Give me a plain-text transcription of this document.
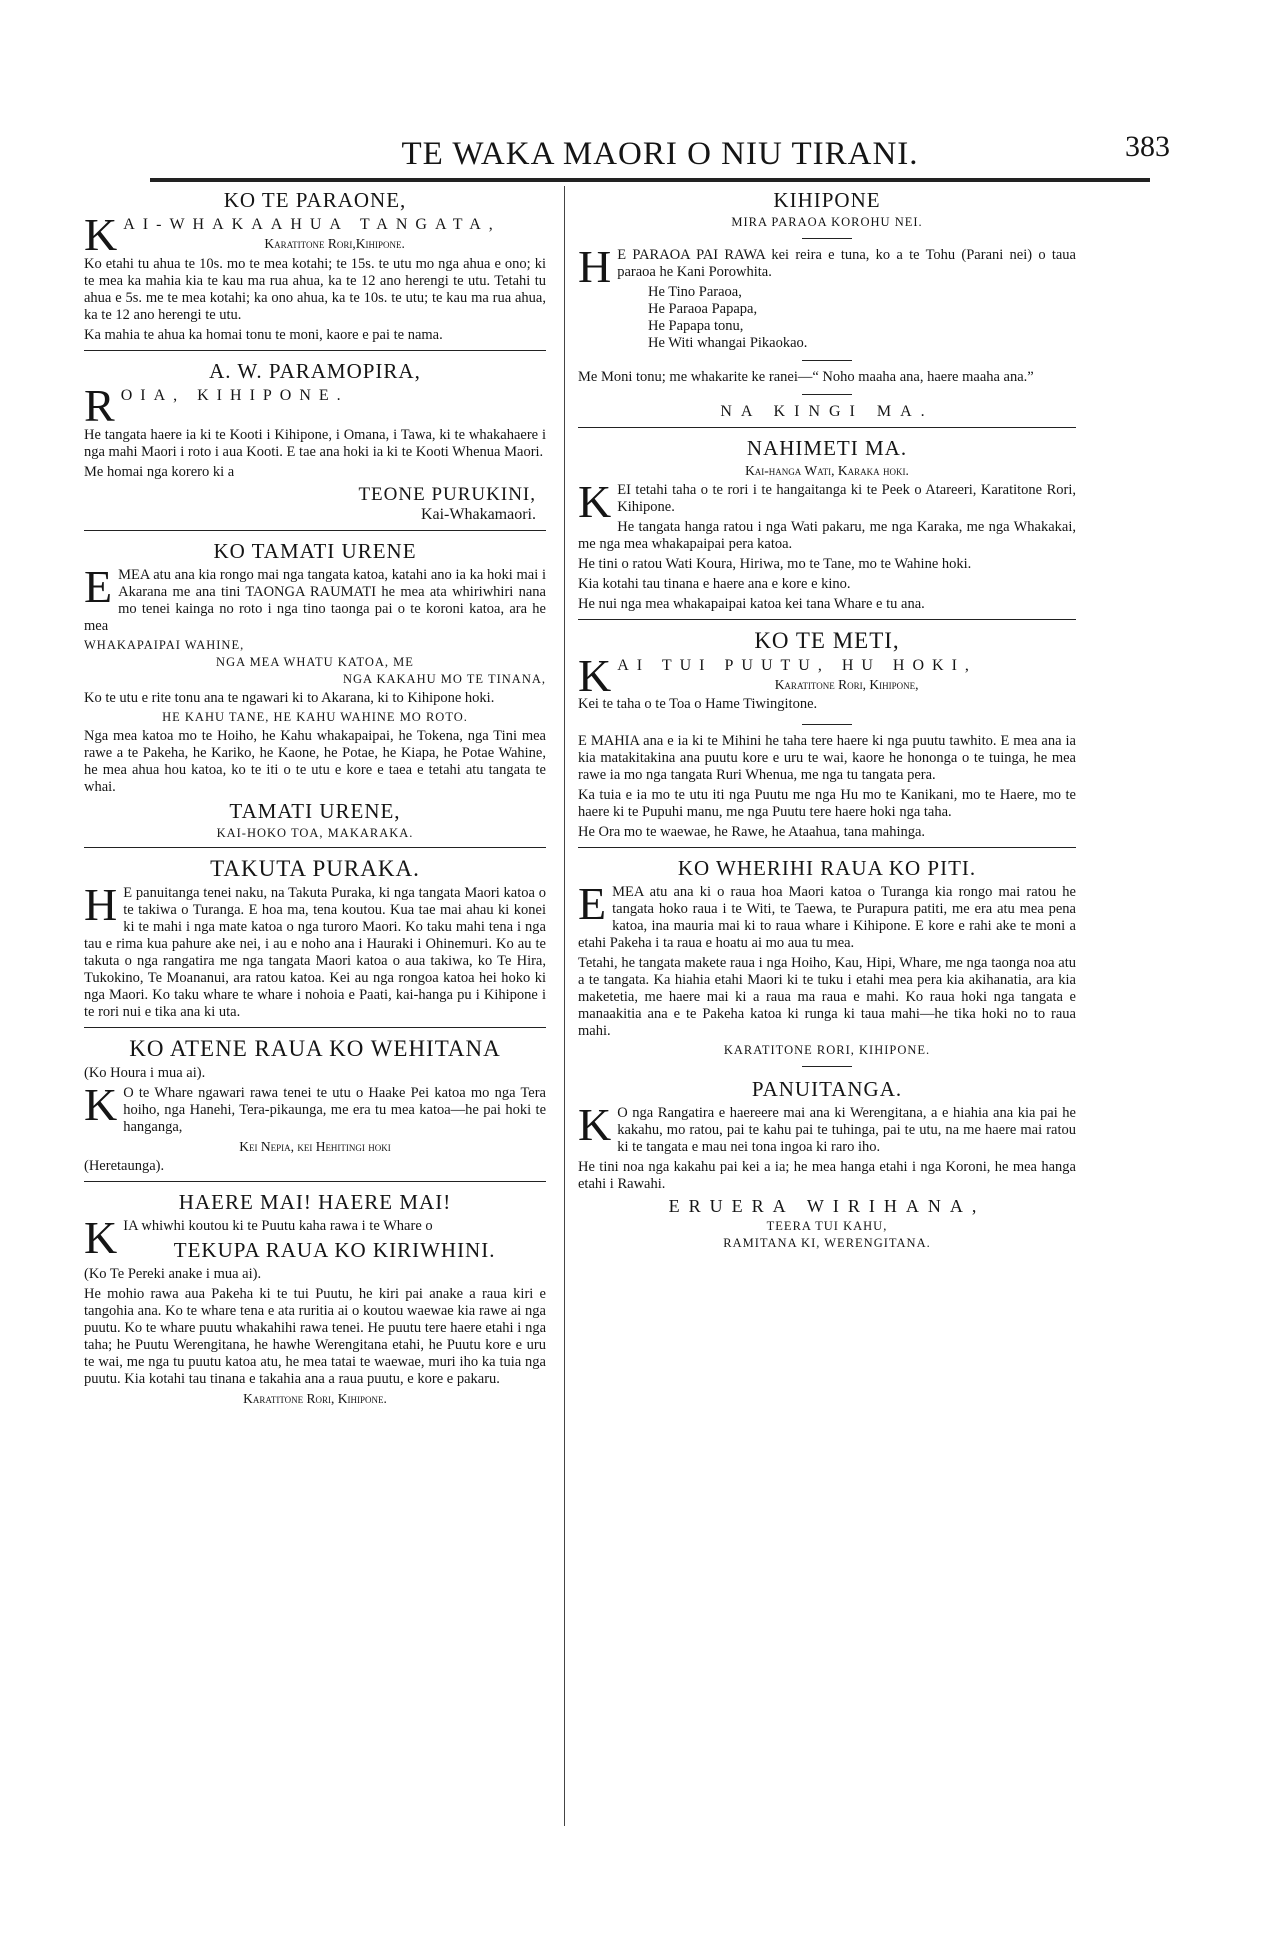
TE WAKA MAORI O NIU TIRANI.	383
KO TE PARAONE,
K AI-WHAKAAHUA TANGATA,
Karatitone Rori,Kihipone.

Ko etahi tu ahua te 10s. mo te mea kotahi; te 15s. te utu mo nga ahua e ono; ki te mea ka mahia kia te kau ma rua ahua, ka te 12 ano herengi te utu. Tetahi tu ahua e 5s. me te mea kotahi; ka ono ahua, ka te 10s. te utu; te kau ma rua ahua, ka te 12 ano herengi te utu.

Ka mahia te ahua ka homai tonu te moni, kaore e pai te nama.

A. W. PARAMOPIRA,
R OIA, KIHIPONE.

He tangata haere ia ki te Kooti i Kihipone, i Omana, i Tawa, ki te whakahaere i nga mahi Maori i roto i aua Kooti. E tae ana hoki ia ki te Kooti Whenua Maori.

Me homai nga korero ki a

TEONE PURUKINI,
Kai-Whakamaori.
KO TAMATI URENE

EMEA atu ana kia rongo mai nga tangata katoa, katahi ano ia ka hoki mai i Akarana me ana tini TAONGA RAUMATI he mea ata whiriwhiri nana mo tenei kainga no roto i nga tino taonga pai o te koroni katoa, ara he mea

WHAKAPAIPAI WAHINE,
NGA MEA WHATU KATOA, ME
NGA KAKAHU MO TE TINANA,

Ko te utu e rite tonu ana te ngawari ki to Akarana, ki to Kihipone hoki.

HE KAHU TANE, HE KAHU WAHINE MO ROTO.

Nga mea katoa mo te Hoiho, he Kahu whakapaipai, he Tokena, nga Tini mea rawe a te Pakeha, he Kariko, he Kaone, he Potae, he Kiapa, he Potae Wahine, he mea ahua hou katoa, ko te iti o te utu e kore e taea e tetahi atu tangata te whai.

TAMATI URENE,
KAI-HOKO TOA, MAKARAKA.
TAKUTA PURAKA.

H E panuitanga tenei naku, na Takuta Puraka, ki nga tangata Maori katoa o te takiwa o Turanga. E hoa ma, tena koutou. Kua tae mai ahau ki konei ki te mahi i nga mate katoa o nga turoro Maori. Ko taku mahi tena i nga tau e rima kua pahure ake nei, i au e noho ana i Hauraki i Ohinemuri. Ko au te takuta o nga rangatira me nga tangata Maori katoa o aua takiwa, ko Te Hira, Tukokino, Te Moananui, ara ratou katoa. Kei au nga rongoa katoa hei hoko ki nga Maori. Ko taku whare te whare i nohoia e Paati, kai-hanga pu i Kihipone i te rori nui e tika ana ki uta.

KO ATENE RAUA KO WEHITANA
(Ko Houra i mua ai).

K O te Whare ngawari rawa tenei te utu o Haake Pei katoa mo nga Tera hoiho, nga Hanehi, Tera-pikaunga, me era tu mea katoa—he pai hoki te hanganga,

Kei Nepia, kei Hehitingi hoki
(Heretaunga).
HAERE MAI! HAERE MAI!

KIA whiwhi koutou ki te Puutu kaha rawa i te Whare o

TEKUPA RAUA KO KIRIWHINI.
(Ko Te Pereki anake i mua ai).

He mohio rawa aua Pakeha ki te tui Puutu, he kiri pai anake a raua kiri e tangohia ana. Ko te whare tena e ata ruritia ai o koutou waewae kia rawe ai nga puutu. Ko te whare puutu whakahihi rawa tenei. He puutu tere haere etahi i nga taha; he Puutu Werengitana, he hawhe Werengitana etahi, he Puutu kore e uru te wai, me nga tu puutu katoa atu, he mea tatai te waewae, muri iho ka tuia nga puutu. Kia kotahi tau tinana e takahia ana a raua puutu, e kore e pakaru.

Karatitone Rori, Kihipone.
KIHIPONE
MIRA PARAOA KOROHU NEI.

H E PARAOA PAI RAWA kei reira e tuna, ko a te Tohu (Parani nei) o taua paraoa he Kani Porowhita.

He Tino Paraoa,
He Paraoa Papapa,
He Papapa tonu,
He Witi whangai Pikaokao.

Me Moni tonu; me whakarite ke ranei—“ Noho maaha ana, haere maaha ana.”

NA KINGI MA.
NAHIMETI MA.
Kai-hanga Wati, Karaka hoki.

KEI tetahi taha o te rori i te hangaitanga ki te Peek o Atareeri, Karatitone Rori, Kihipone.

He tangata hanga ratou i nga Wati pakaru, me nga Karaka, me nga Whakakai, me nga mea whakapaipai pera katoa.

He tini o ratou Wati Koura, Hiriwa, mo te Tane, mo te Wahine hoki.

Kia kotahi tau tinana e haere ana e kore e kino.

He nui nga mea whakapaipai katoa kei tana Whare e tu ana.

KO TE METI,
K AI TUI PUUTU, HU HOKI,
Karatitone Rori, Kihipone,
Kei te taha o te Toa o Hame Tiwingitone.

E MAHIA ana e ia ki te Mihini he taha tere haere ki nga puutu tawhito. E mea ana ia kia matakitakina ana puutu kore e uru te wai, kaore he hononga o te tuinga, he mea rawe ia mo nga tangata Ruri Whenua, me nga tu tangata pera.

Ka tuia e ia mo te utu iti nga Puutu me nga Hu mo te Kanikani, mo te Haere, mo te haere ki te Pupuhi manu, me nga Puutu tere haere hoki nga taha.

He Ora mo te waewae, he Rawe, he Ataahua, tana mahinga.

KO WHERIHI RAUA KO PITI.

EMEA atu ana ki o raua hoa Maori katoa o Turanga kia rongo mai ratou he tangata hoko raua i te Witi, te Taewa, te Purapura patiti, me era atu mea pena katoa, ina mauria mai ki to raua whare i Kihipone. E kore e rahi ake te moni a etahi Pakeha i ta raua e hoatu ai mo aua tu mea.

Tetahi, he tangata makete raua i nga Hoiho, Kau, Hipi, Whare, me nga taonga noa atu a te tangata. Ka hiahia etahi Maori ki te tuku i etahi mea pera kia akihanatia, ara kia maketetia, me haere mai ki a raua ma raua e mahi. Ko raua hoki nga tangata e manaakitia ana e te Pakeha katoa ki runga ki taua mahi—he tika hoki no to raua mahi.

KARATITONE RORI, KIHIPONE.
PANUITANGA.

K O nga Rangatira e haereere mai ana ki Werengitana, a e hiahia ana kia pai he kakahu, mo ratou, pai te kahu pai te tuhinga, pai te utu, na me haere mai ratou ki te tangata e mau nei tona ingoa ki raro iho.

He tini noa nga kakahu pai kei a ia; he mea hanga etahi i nga Koroni, he mea hanga etahi i Rawahi.

ERUERA WIRIHANA,
TEERA TUI KAHU,
RAMITANA KI, WERENGITANA.
